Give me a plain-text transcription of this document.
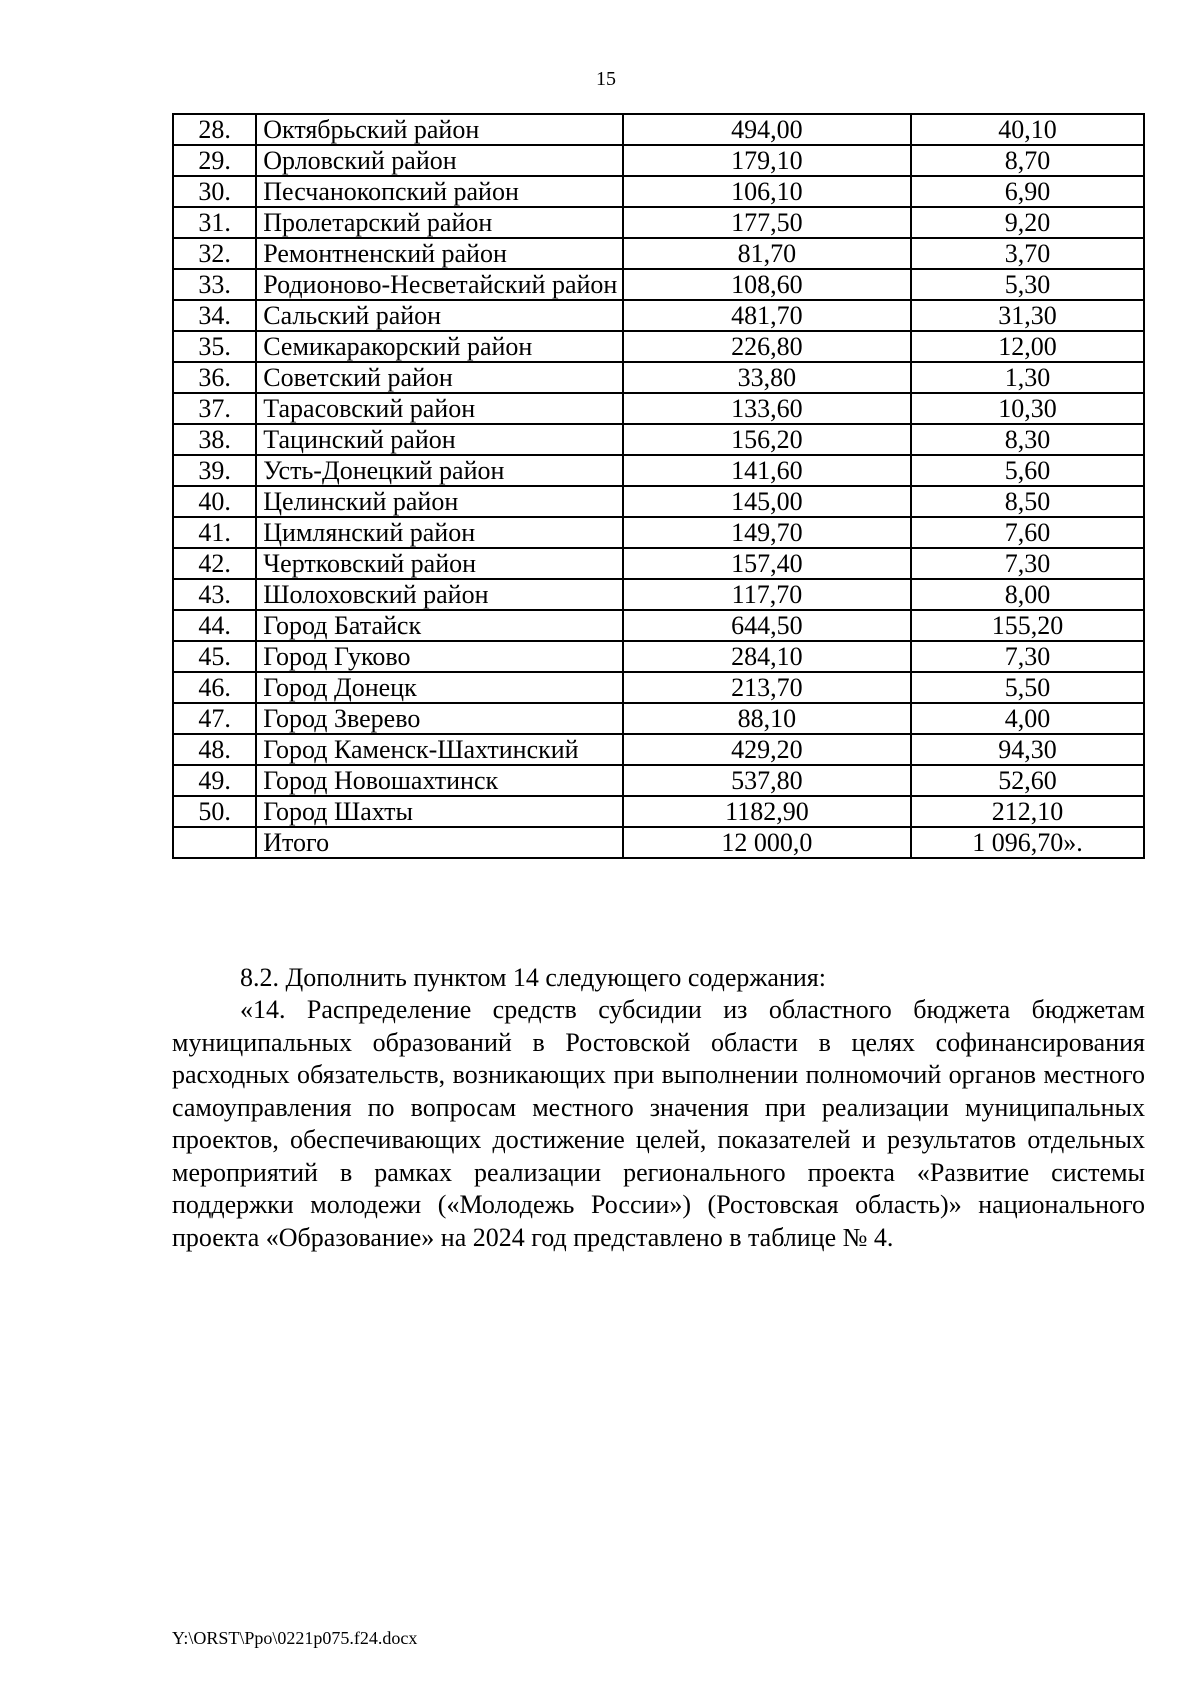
15
28.	Октябрьский район	494,00	40,10
29.	Орловский район	179,10	8,70
30.	Песчанокопский район	106,10	6,90
31.	Пролетарский район	177,50	9,20
32.	Ремонтненский район	81,70	3,70
33.	Родионово-Несветайский район	108,60	5,30
34.	Сальский район	481,70	31,30
35.	Семикаракорский район	226,80	12,00
36.	Советский район	33,80	1,30
37.	Тарасовский район	133,60	10,30
38.	Тацинский район	156,20	8,30
39.	Усть-Донецкий район	141,60	5,60
40.	Целинский район	145,00	8,50
41.	Цимлянский район	149,70	7,60
42.	Чертковский район	157,40	7,30
43.	Шолоховский район	117,70	8,00
44.	Город Батайск	644,50	155,20
45.	Город Гуково	284,10	7,30
46.	Город Донецк	213,70	5,50
47.	Город Зверево	88,10	4,00
48.	Город Каменск-Шахтинский	429,20	94,30
49.	Город Новошахтинск	537,80	52,60
50.	Город Шахты	1182,90	212,10
	Итого	12 000,0	1 096,70».
8.2. Дополнить пунктом 14 следующего содержания:
«14. Распределение средств субсидии из областного бюджета бюджетам муниципальных образований в Ростовской области в целях софинансирования расходных обязательств, возникающих при выполнении полномочий органов местного самоуправления по вопросам местного значения при реализации муниципальных проектов, обеспечивающих достижение целей, показателей и результатов отдельных мероприятий в рамках реализации регионального проекта «Развитие системы поддержки молодежи («Молодежь России») (Ростовская область)» национального проекта «Образование» на 2024 год представлено в таблице № 4.
Y:\ORST\Ppo\0221p075.f24.docx
